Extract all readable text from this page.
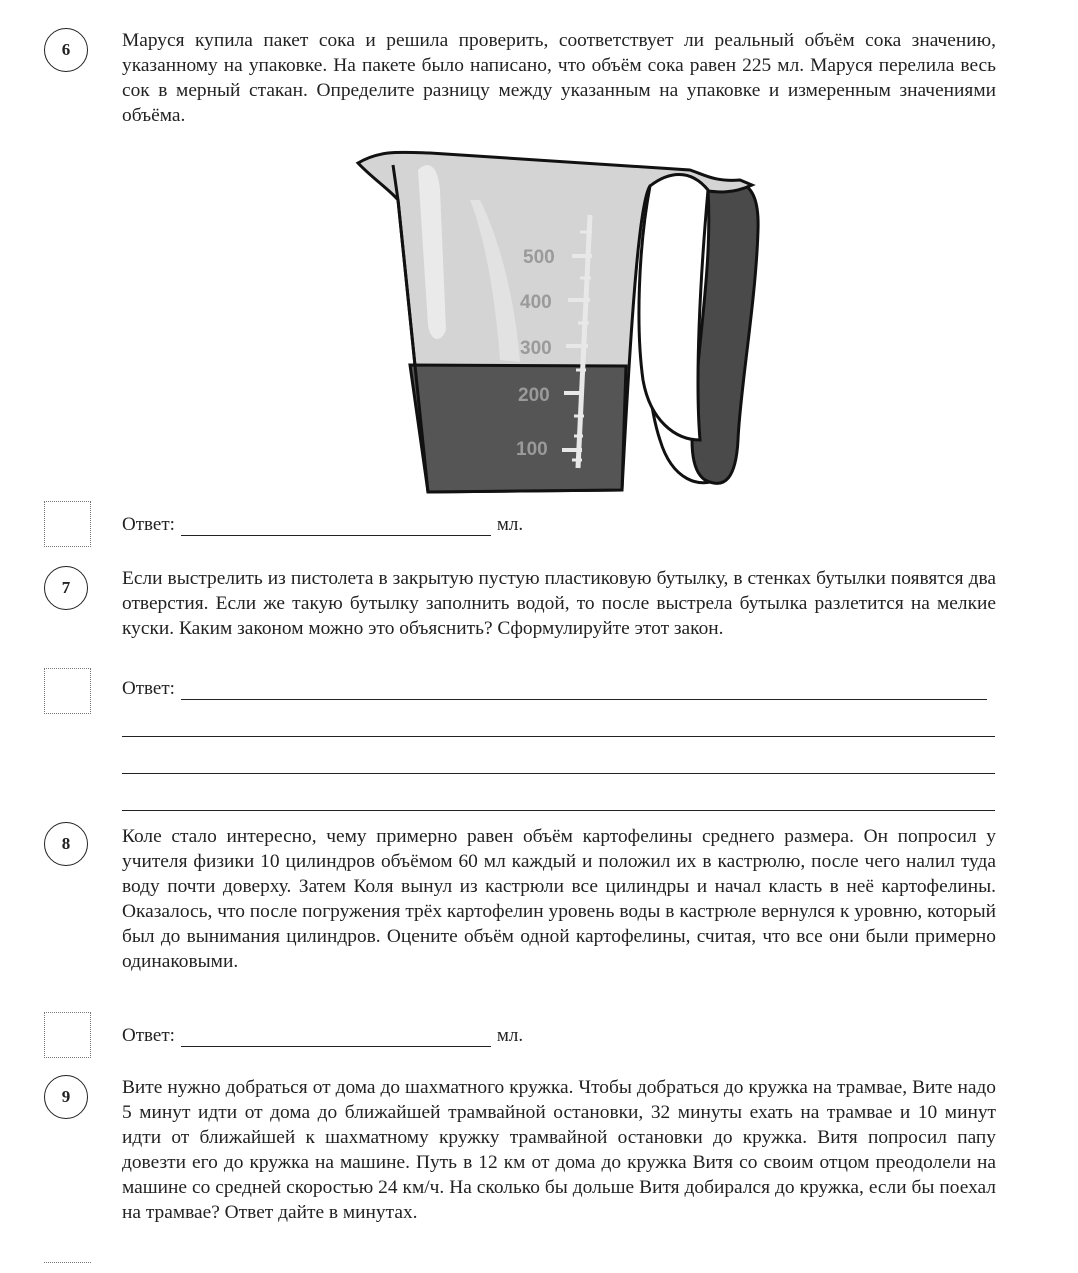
6	Маруся купила пакет сока и решила проверить, соответствует ли реальный объём сока значению, указанному на упаковке. На пакете было написано, что объём сока равен 225 мл. Маруся перелила весь сок в мерный стакан. Определите разницу между указанным на упаковке и измеренным значениями объёма.
500
400
300
200
100
Ответ:	мл.
7	Если выстрелить из пистолета в закрытую пустую пластиковую бутылку, в стенках бутылки появятся два отверстия. Если же такую бутылку заполнить водой, то после выстрела бутылка разлетится на мелкие куски. Каким законом можно это объяснить? Сформулируйте этот закон.
Ответ:
8	Коле стало интересно, чему примерно равен объём картофелины среднего размера. Он попросил у учителя физики 10 цилиндров объёмом 60 мл каждый и положил их в кастрюлю, после чего налил туда воду почти доверху. Затем Коля вынул из кастрюли все цилиндры и начал класть в неё картофелины. Оказалось, что после погружения трёх картофелин уровень воды в кастрюле вернулся к уровню, который был до вынимания цилиндров. Оцените объём одной картофелины, считая, что все они были примерно одинаковыми.
Ответ:	мл.
9	Вите нужно добраться от дома до шахматного кружка. Чтобы добраться до кружка на трамвае, Вите надо 5 минут идти от дома до ближайшей трамвайной остановки, 32 минуты ехать на трамвае и 10 минут идти от ближайшей к шахматному кружку трамвайной остановки до кружка. Витя попросил папу довезти его до кружка на машине. Путь в 12 км от дома до кружка Витя со своим отцом преодолели на машине со средней скоростью 24 км/ч. На сколько бы дольше Витя добирался до кружка, если бы поехал на трамвае? Ответ дайте в минутах.
